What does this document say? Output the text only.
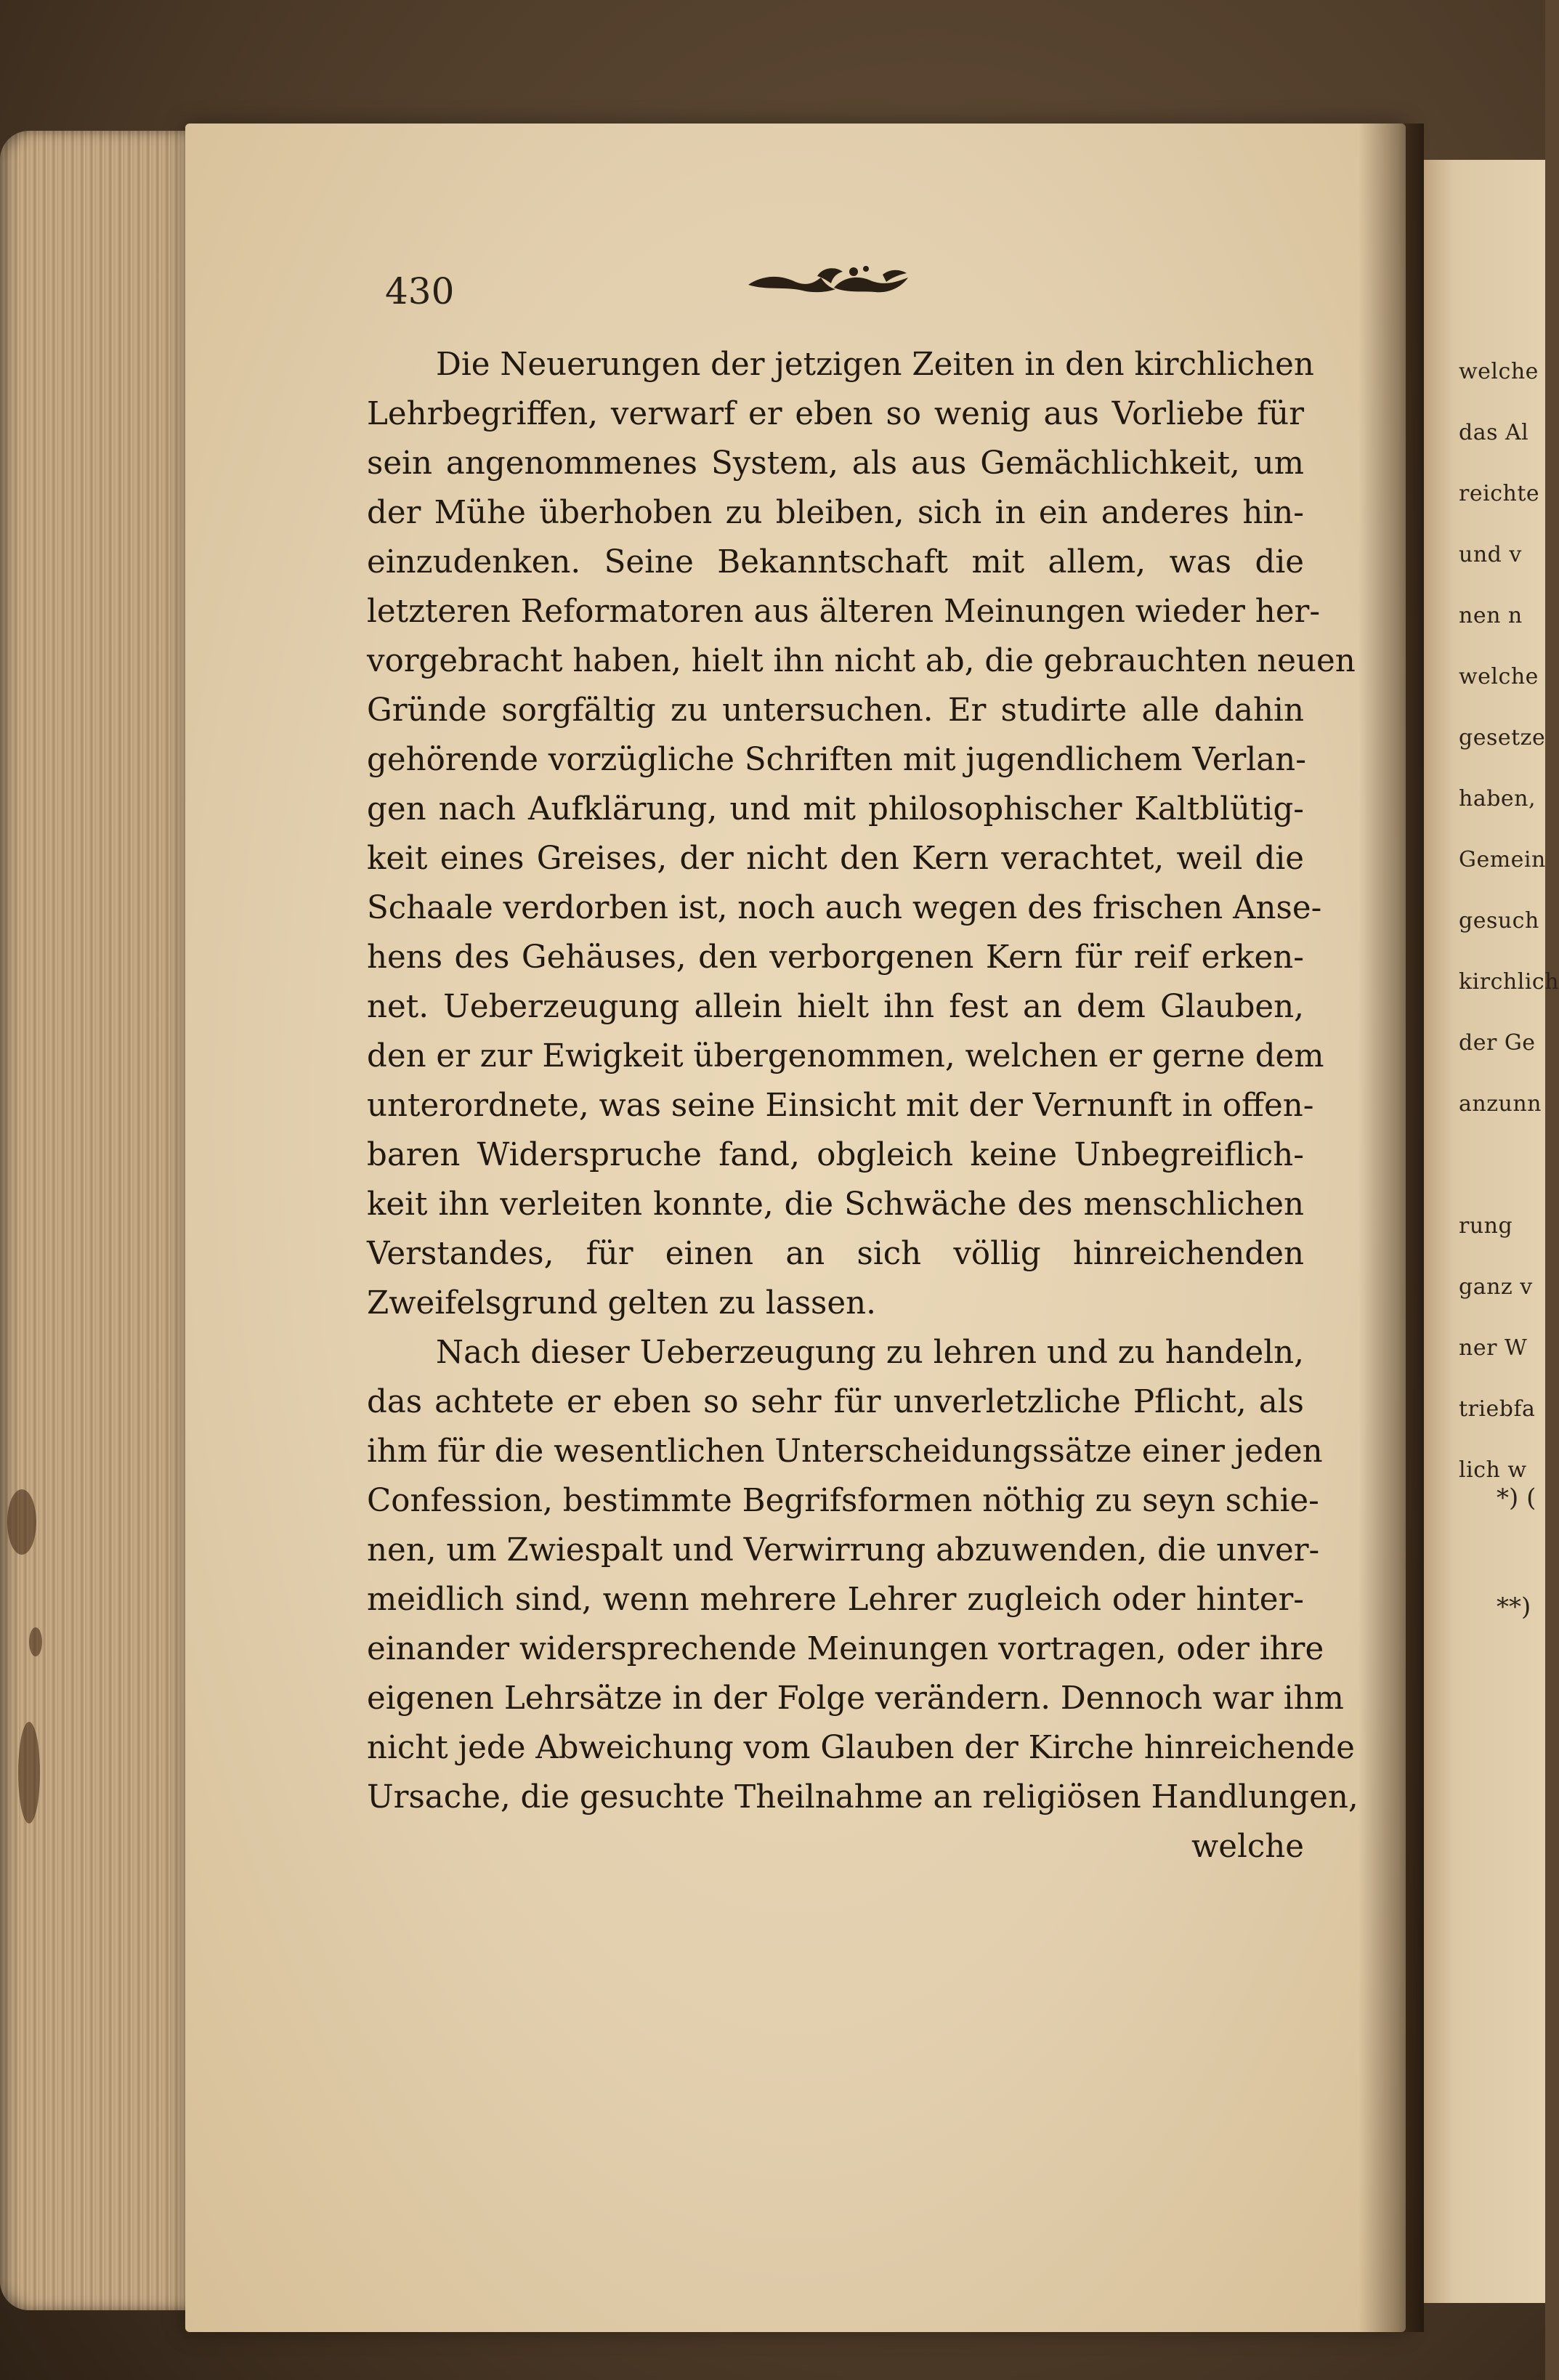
welche
das Al
reichte
und v
nen n
welche
gesetze
haben,
Gemein
gesuch
kirchlich
der Ge
anzunn
rung
ganz v
ner W
triebfa
lich w
*) (
**)
430
Die Neuerungen der jetzigen Zeiten in den kirchlichen
Lehrbegriffen, verwarf er eben so wenig aus Vorliebe für
sein angenommenes System, als aus Gemächlichkeit, um
der Mühe überhoben zu bleiben, sich in ein anderes hin-
einzudenken. Seine Bekanntschaft mit allem, was die
letzteren Reformatoren aus älteren Meinungen wieder her-
vorgebracht haben, hielt ihn nicht ab, die gebrauchten neuen
Gründe sorgfältig zu untersuchen. Er studirte alle dahin
gehörende vorzügliche Schriften mit jugendlichem Verlan-
gen nach Aufklärung, und mit philosophischer Kaltblütig-
keit eines Greises, der nicht den Kern verachtet, weil die
Schaale verdorben ist, noch auch wegen des frischen Anse-
hens des Gehäuses, den verborgenen Kern für reif erken-
net. Ueberzeugung allein hielt ihn fest an dem Glauben,
den er zur Ewigkeit übergenommen, welchen er gerne dem
unterordnete, was seine Einsicht mit der Vernunft in offen-
baren Widerspruche fand, obgleich keine Unbegreiflich-
keit ihn verleiten konnte, die Schwäche des menschlichen
Verstandes, für einen an sich völlig hinreichenden
Zweifelsgrund gelten zu lassen.
Nach dieser Ueberzeugung zu lehren und zu handeln,
das achtete er eben so sehr für unverletzliche Pflicht, als
ihm für die wesentlichen Unterscheidungssätze einer jeden
Confession, bestimmte Begrifsformen nöthig zu seyn schie-
nen, um Zwiespalt und Verwirrung abzuwenden, die unver-
meidlich sind, wenn mehrere Lehrer zugleich oder hinter-
einander widersprechende Meinungen vortragen, oder ihre
eigenen Lehrsätze in der Folge verändern. Dennoch war ihm
nicht jede Abweichung vom Glauben der Kirche hinreichende
Ursache, die gesuchte Theilnahme an religiösen Handlungen,
welche
